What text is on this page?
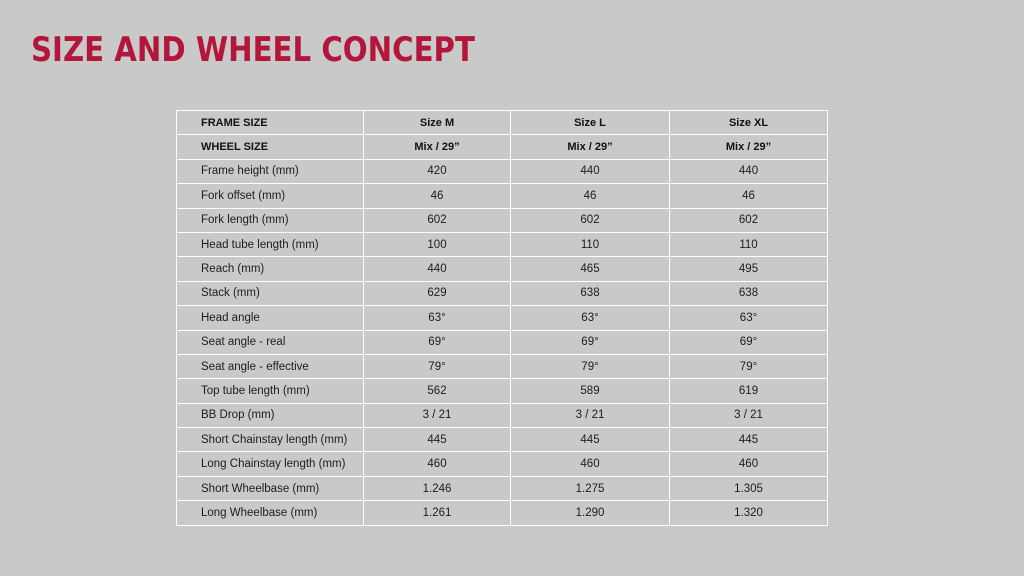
SIZE AND WHEEL CONCEPT
FRAME SIZE	Size M	Size L	Size XL
WHEEL SIZE	Mix / 29”	Mix / 29”	Mix / 29”
Frame height (mm)	420	440	440
Fork offset (mm)	46	46	46
Fork length (mm)	602	602	602
Head tube length (mm)	100	110	110
Reach (mm)	440	465	495
Stack (mm)	629	638	638
Head angle	63°	63°	63°
Seat angle - real	69°	69°	69°
Seat angle - effective	79°	79°	79°
Top tube length (mm)	562	589	619
BB Drop (mm)	3 / 21	3 / 21	3 / 21
Short Chainstay length (mm)	445	445	445
Long Chainstay length (mm)	460	460	460
Short Wheelbase (mm)	1.246	1.275	1.305
Long Wheelbase (mm)	1.261	1.290	1.320
